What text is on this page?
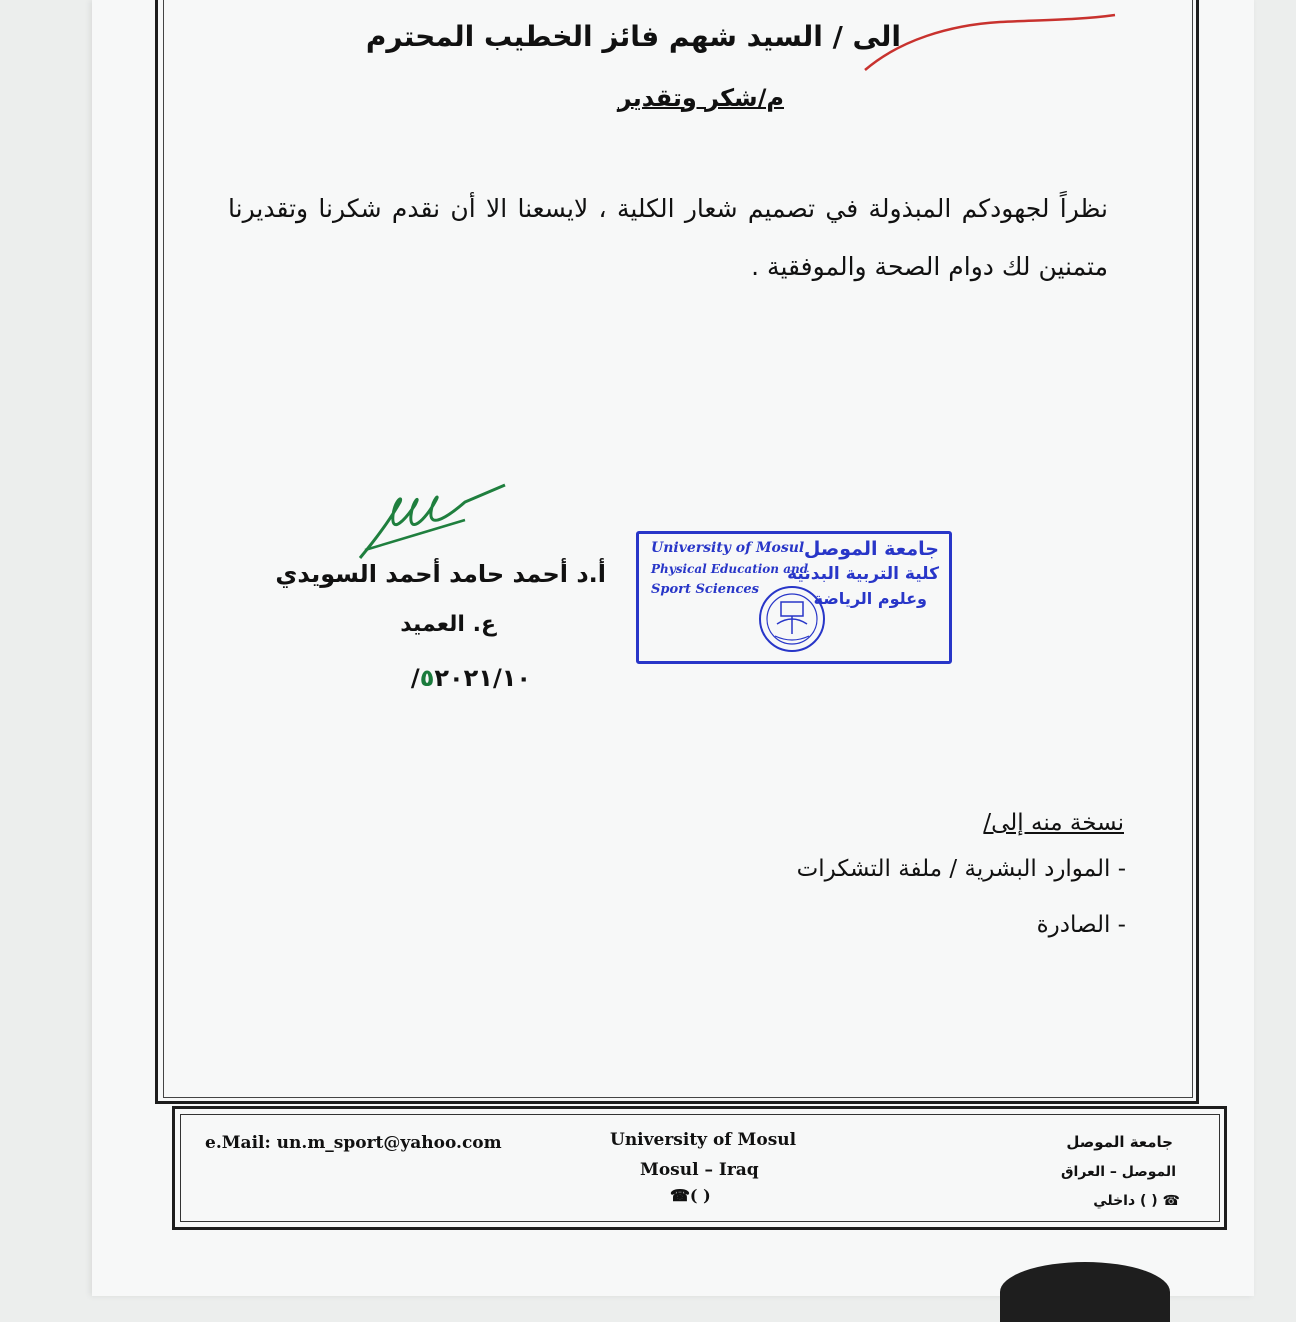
الى / السيد شهم فائز الخطيب المحترم
م/شكر وتقدير
نظراً لجهودكم المبذولة في تصميم شعار الكلية ، لايسعنا الا أن نقدم شكرنا وتقديرنا متمنين لك دوام الصحة والموفقية .
أ.د أحمد حامد أحمد السويدي
ع. العميد
٥٢٠٢١/١٠/
University of Mosul
Physical Education and
Sport Sciences
جامعة الموصل
كلية التربية البدنية
وعلوم الرياضة
نسخة منه إلى/
- الموارد البشرية / ملفة التشكرات
- الصادرة
e.Mail: un.m_sport@yahoo.com	University of Mosul
Mosul – Iraq
☎( )
جامعة الموصل
الموصل – العراق
☎ ( ) داخلي
